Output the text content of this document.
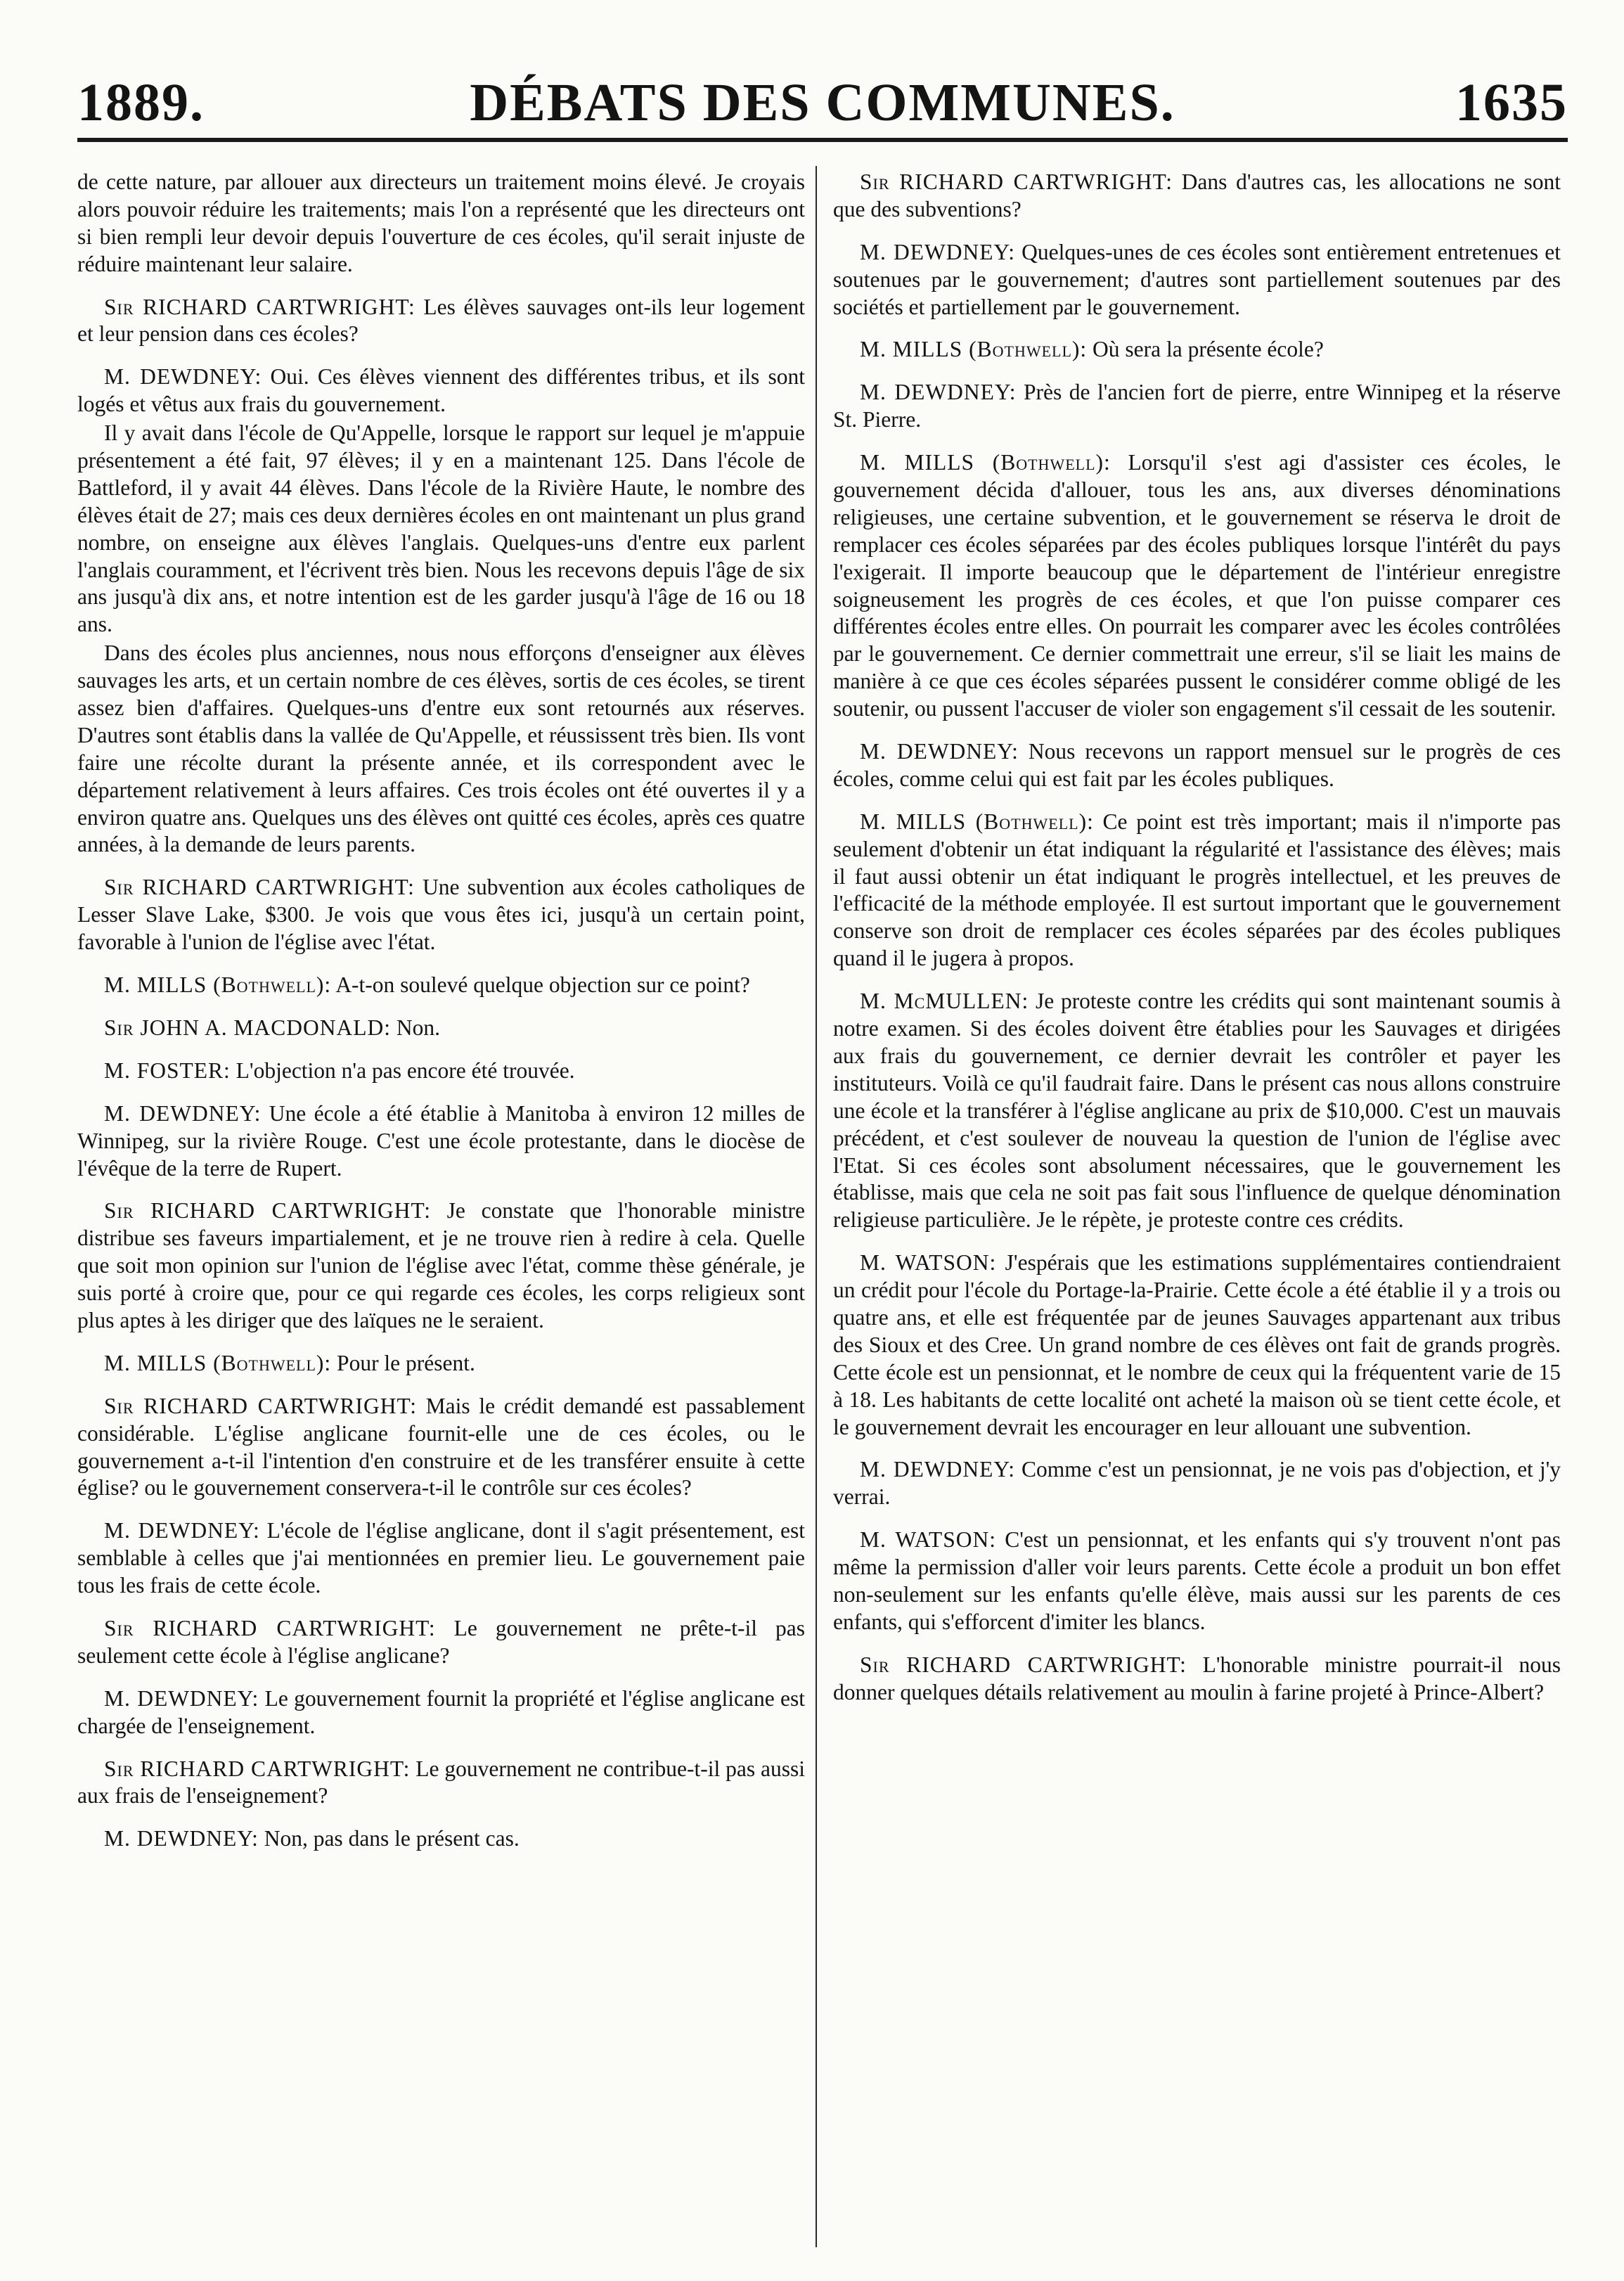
1889.	DÉBATS DES COMMUNES.	1635

de cette nature, par allouer aux directeurs un traitement moins élevé. Je croyais alors pouvoir réduire les traitements; mais l'on a représenté que les directeurs ont si bien rempli leur devoir depuis l'ouverture de ces écoles, qu'il serait injuste de réduire maintenant leur salaire.

Sir RICHARD CARTWRIGHT: Les élèves sauvages ont-ils leur logement et leur pension dans ces écoles?

M. DEWDNEY: Oui. Ces élèves viennent des différentes tribus, et ils sont logés et vêtus aux frais du gouvernement.

Il y avait dans l'école de Qu'Appelle, lorsque le rapport sur lequel je m'appuie présentement a été fait, 97 élèves; il y en a maintenant 125. Dans l'école de Battleford, il y avait 44 élèves. Dans l'école de la Rivière Haute, le nombre des élèves était de 27; mais ces deux dernières écoles en ont maintenant un plus grand nombre, on enseigne aux élèves l'anglais. Quelques-uns d'entre eux parlent l'anglais couramment, et l'écrivent très bien. Nous les recevons depuis l'âge de six ans jusqu'à dix ans, et notre intention est de les garder jusqu'à l'âge de 16 ou 18 ans.

Dans des écoles plus anciennes, nous nous efforçons d'enseigner aux élèves sauvages les arts, et un certain nombre de ces élèves, sortis de ces écoles, se tirent assez bien d'affaires. Quelques-uns d'entre eux sont retournés aux réserves. D'autres sont établis dans la vallée de Qu'Appelle, et réussissent très bien. Ils vont faire une récolte durant la présente année, et ils correspondent avec le département relativement à leurs affaires. Ces trois écoles ont été ouvertes il y a environ quatre ans. Quelques uns des élèves ont quitté ces écoles, après ces quatre années, à la demande de leurs parents.

Sir RICHARD CARTWRIGHT: Une subvention aux écoles catholiques de Lesser Slave Lake, $300. Je vois que vous êtes ici, jusqu'à un certain point, favorable à l'union de l'église avec l'état.

M. MILLS (Bothwell): A-t-on soulevé quelque objection sur ce point?

Sir JOHN A. MACDONALD: Non.

M. FOSTER: L'objection n'a pas encore été trouvée.

M. DEWDNEY: Une école a été établie à Manitoba à environ 12 milles de Winnipeg, sur la rivière Rouge. C'est une école protestante, dans le diocèse de l'évêque de la terre de Rupert.

Sir RICHARD CARTWRIGHT: Je constate que l'honorable ministre distribue ses faveurs impartialement, et je ne trouve rien à redire à cela. Quelle que soit mon opinion sur l'union de l'église avec l'état, comme thèse générale, je suis porté à croire que, pour ce qui regarde ces écoles, les corps religieux sont plus aptes à les diriger que des laïques ne le seraient.

M. MILLS (Bothwell): Pour le présent.

Sir RICHARD CARTWRIGHT: Mais le crédit demandé est passablement considérable. L'église anglicane fournit-elle une de ces écoles, ou le gouvernement a-t-il l'intention d'en construire et de les transférer ensuite à cette église? ou le gouvernement conservera-t-il le contrôle sur ces écoles?

M. DEWDNEY: L'école de l'église anglicane, dont il s'agit présentement, est semblable à celles que j'ai mentionnées en premier lieu. Le gouvernement paie tous les frais de cette école.

Sir RICHARD CARTWRIGHT: Le gouvernement ne prête-t-il pas seulement cette école à l'église anglicane?

M. DEWDNEY: Le gouvernement fournit la propriété et l'église anglicane est chargée de l'enseignement.

Sir RICHARD CARTWRIGHT: Le gouvernement ne contribue-t-il pas aussi aux frais de l'enseignement?

M. DEWDNEY: Non, pas dans le présent cas.

Sir RICHARD CARTWRIGHT: Dans d'autres cas, les allocations ne sont que des subventions?

M. DEWDNEY: Quelques-unes de ces écoles sont entièrement entretenues et soutenues par le gouvernement; d'autres sont partiellement soutenues par des sociétés et partiellement par le gouvernement.

M. MILLS (Bothwell): Où sera la présente école?

M. DEWDNEY: Près de l'ancien fort de pierre, entre Winnipeg et la réserve St. Pierre.

M. MILLS (Bothwell): Lorsqu'il s'est agi d'assister ces écoles, le gouvernement décida d'allouer, tous les ans, aux diverses dénominations religieuses, une certaine subvention, et le gouvernement se réserva le droit de remplacer ces écoles séparées par des écoles publiques lorsque l'intérêt du pays l'exigerait. Il importe beaucoup que le département de l'intérieur enregistre soigneusement les progrès de ces écoles, et que l'on puisse comparer ces différentes écoles entre elles. On pourrait les comparer avec les écoles contrôlées par le gouvernement. Ce dernier commettrait une erreur, s'il se liait les mains de manière à ce que ces écoles séparées pussent le considérer comme obligé de les soutenir, ou pussent l'accuser de violer son engagement s'il cessait de les soutenir.

M. DEWDNEY: Nous recevons un rapport mensuel sur le progrès de ces écoles, comme celui qui est fait par les écoles publiques.

M. MILLS (Bothwell): Ce point est très important; mais il n'importe pas seulement d'obtenir un état indiquant la régularité et l'assistance des élèves; mais il faut aussi obtenir un état indiquant le progrès intellectuel, et les preuves de l'efficacité de la méthode employée. Il est surtout important que le gouvernement conserve son droit de remplacer ces écoles séparées par des écoles publiques quand il le jugera à propos.

M. McMULLEN: Je proteste contre les crédits qui sont maintenant soumis à notre examen. Si des écoles doivent être établies pour les Sauvages et dirigées aux frais du gouvernement, ce dernier devrait les contrôler et payer les instituteurs. Voilà ce qu'il faudrait faire. Dans le présent cas nous allons construire une école et la transférer à l'église anglicane au prix de $10,000. C'est un mauvais précédent, et c'est soulever de nouveau la question de l'union de l'église avec l'Etat. Si ces écoles sont absolument nécessaires, que le gouvernement les établisse, mais que cela ne soit pas fait sous l'influence de quelque dénomination religieuse particulière. Je le répète, je proteste contre ces crédits.

M. WATSON: J'espérais que les estimations supplémentaires contiendraient un crédit pour l'école du Portage-la-Prairie. Cette école a été établie il y a trois ou quatre ans, et elle est fréquentée par de jeunes Sauvages appartenant aux tribus des Sioux et des Cree. Un grand nombre de ces élèves ont fait de grands progrès. Cette école est un pensionnat, et le nombre de ceux qui la fréquentent varie de 15 à 18. Les habitants de cette localité ont acheté la maison où se tient cette école, et le gouvernement devrait les encourager en leur allouant une subvention.

M. DEWDNEY: Comme c'est un pensionnat, je ne vois pas d'objection, et j'y verrai.

M. WATSON: C'est un pensionnat, et les enfants qui s'y trouvent n'ont pas même la permission d'aller voir leurs parents. Cette école a produit un bon effet non-seulement sur les enfants qu'elle élève, mais aussi sur les parents de ces enfants, qui s'efforcent d'imiter les blancs.

Sir RICHARD CARTWRIGHT: L'honorable ministre pourrait-il nous donner quelques détails relativement au moulin à farine projeté à Prince-Albert?
